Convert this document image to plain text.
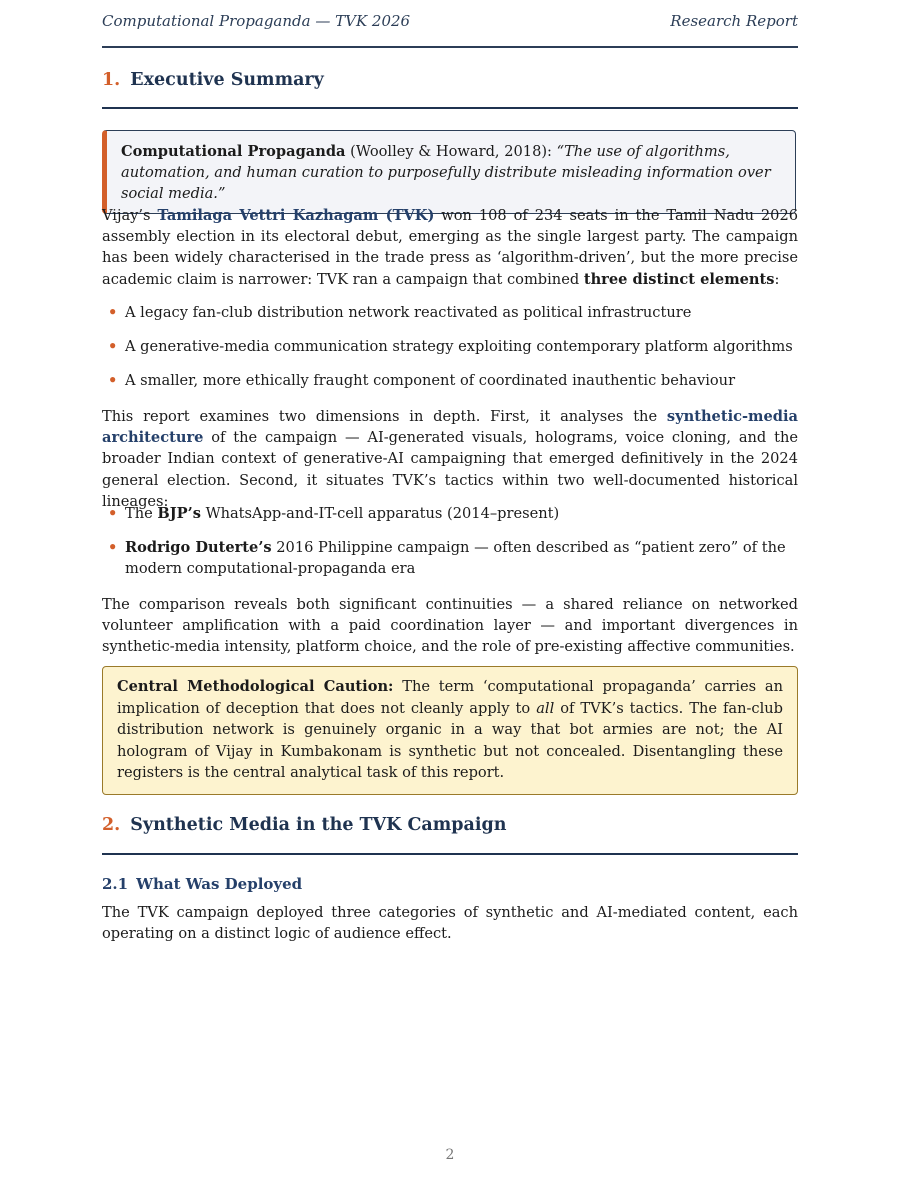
Computational Propaganda — TVK 2026	Research Report
1. Executive Summary
Computational Propaganda (Woolley & Howard, 2018): “The use of algorithms, automation, and human curation to purposefully distribute misleading information over social media.”
Vijay’s Tamilaga Vettri Kazhagam (TVK) won 108 of 234 seats in the Tamil Nadu 2026 assembly election in its electoral debut, emerging as the single largest party. The campaign has been widely characterised in the trade press as ‘algorithm-driven’, but the more precise academic claim is narrower: TVK ran a campaign that combined three distinct elements:
• A legacy fan-club distribution network reactivated as political infrastructure
• A generative-media communication strategy exploiting contemporary platform algorithms
• A smaller, more ethically fraught component of coordinated inauthentic behaviour
This report examines two dimensions in depth. First, it analyses the synthetic-media architecture of the campaign — AI-generated visuals, holograms, voice cloning, and the broader Indian context of generative-AI campaigning that emerged definitively in the 2024 general election. Second, it situates TVK’s tactics within two well-documented historical lineages:
• The BJP’s WhatsApp-and-IT-cell apparatus (2014–present)
• Rodrigo Duterte’s 2016 Philippine campaign — often described as “patient zero” of the modern computational-propaganda era
The comparison reveals both significant continuities — a shared reliance on networked volunteer amplification with a paid coordination layer — and important divergences in synthetic-media intensity, platform choice, and the role of pre-existing affective communities.
Central Methodological Caution: The term ‘computational propaganda’ carries an implication of deception that does not cleanly apply to all of TVK’s tactics. The fan-club distribution network is genuinely organic in a way that bot armies are not; the AI hologram of Vijay in Kumbakonam is synthetic but not concealed. Disentangling these registers is the central analytical task of this report.
2. Synthetic Media in the TVK Campaign
2.1 What Was Deployed
The TVK campaign deployed three categories of synthetic and AI-mediated content, each operating on a distinct logic of audience effect.
2
